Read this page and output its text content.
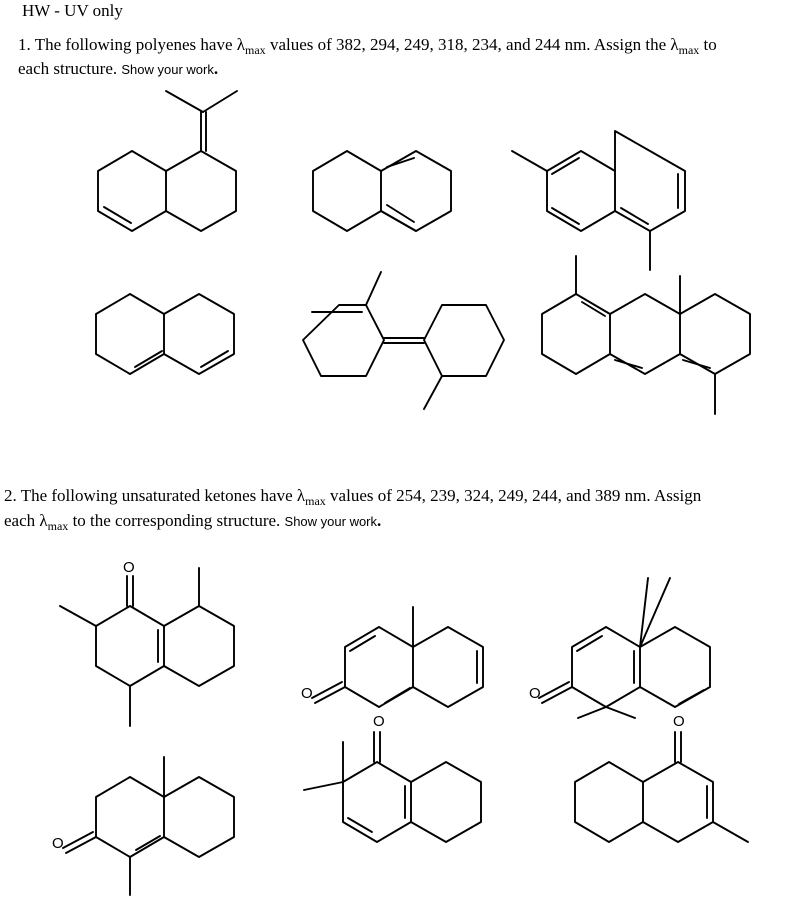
HW - UV only
1. The following polyenes have $\lambda_{max}$ values of 382, 294, 249, 318, 234, and 244 nm. Assign the $\lambda_{max}$ to
each structure. Show your work.
2. The following unsaturated ketones have $\lambda_{max}$ values of 254, 239, 324, 249, 244, and 389 nm. Assign
each $\lambda_{max}$ to the corresponding structure. Show your work.
O
O	O
O
O	O
